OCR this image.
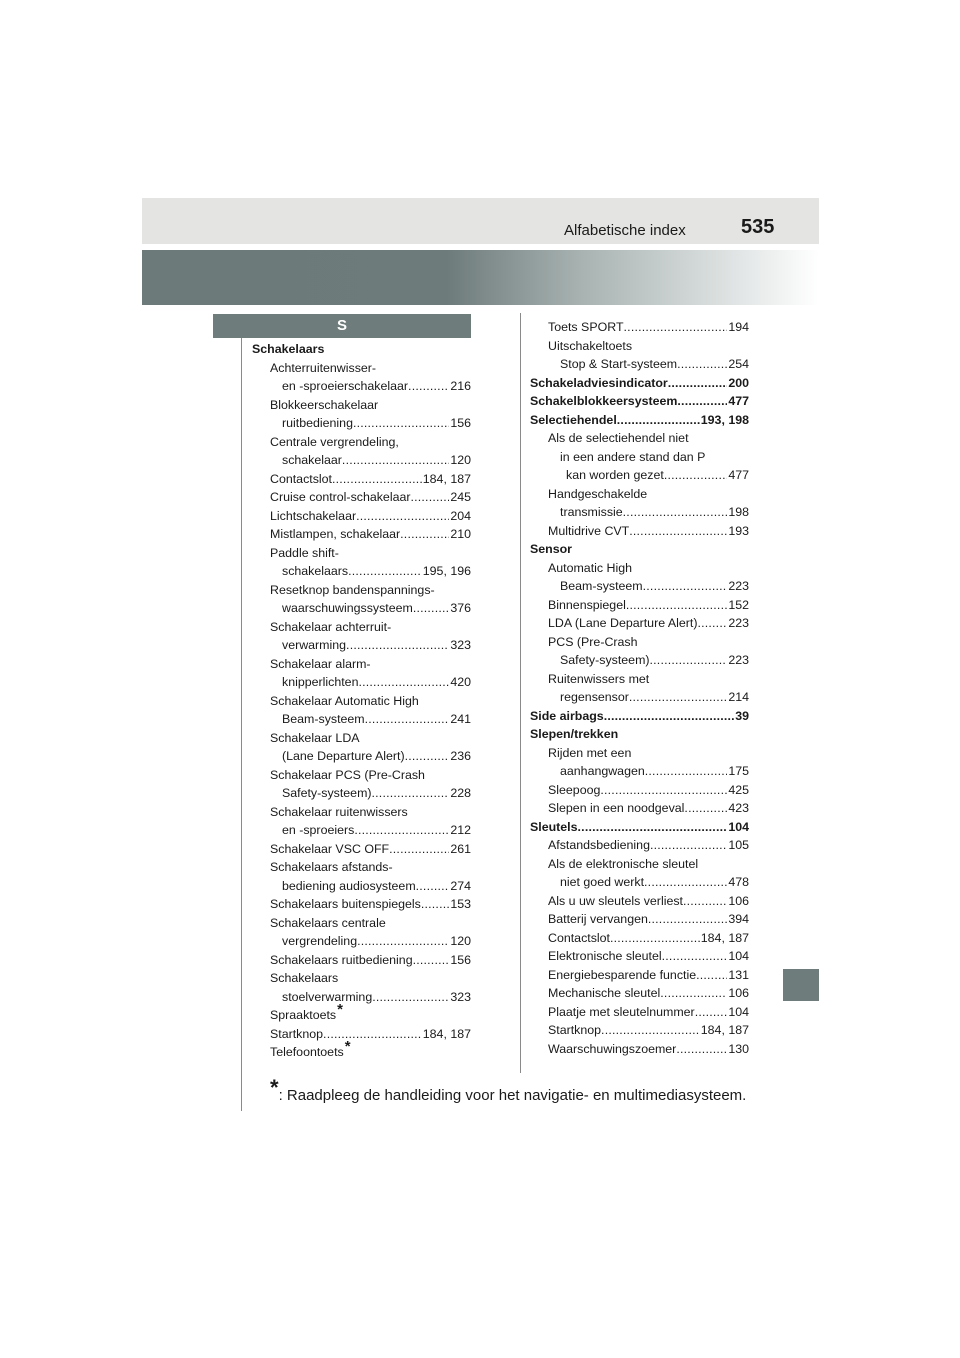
Alfabetische index	535
S
Schakelaars
Achterruitenwisser-
en -sproeierschakelaar .....	216
Blokkeerschakelaar
ruitbediening .....	156
Centrale vergrendeling,
schakelaar .....	120
Contactslot .....	184, 187
Cruise control-schakelaar .....	245
Lichtschakelaar .....	204
Mistlampen, schakelaar .....	210
Paddle shift-
schakelaars .....	195, 196
Resetknop bandenspannings-
waarschuwingssysteem .....	376
Schakelaar achterruit-
verwarming .....	323
Schakelaar alarm-
knipperlichten .....	420
Schakelaar Automatic High
Beam-systeem .....	241
Schakelaar LDA
(Lane Departure Alert) .....	236
Schakelaar PCS (Pre-Crash
Safety-systeem) .....	228
Schakelaar ruitenwissers
en -sproeiers .....	212
Schakelaar VSC OFF .....	261
Schakelaars afstands-
bediening audiosysteem .....	274
Schakelaars buitenspiegels ..... 153
Schakelaars centrale
vergrendeling .....	120
Schakelaars ruitbediening .....	156
Schakelaars
stoelverwarming .....	323
Spraaktoets *
Startknop .....	184, 187
Telefoontoets *
Toets SPORT .....	194
Uitschakeltoets
Stop & Start-systeem .....	254
Schakeladviesindicator .....	200
Schakelblokkeersysteem .....	477
Selectiehendel .....	193, 198
Als de selectiehendel niet
in een andere stand dan P
kan worden gezet .....	477
Handgeschakelde
transmissie .....	198
Multidrive CVT .....	193
Sensor
Automatic High
Beam-systeem .....	223
Binnenspiegel .....	152
LDA (Lane Departure Alert) ..... 223
PCS (Pre-Crash
Safety-systeem) .....	223
Ruitenwissers met
regensensor .....	214
Side airbags .....	39
Slepen/trekken
Rijden met een
aanhangwagen .....	175
Sleepoog .....	425
Slepen in een noodgeval .....	423
Sleutels .....	104
Afstandsbediening .....	105
Als de elektronische sleutel
niet goed werkt .....	478
Als u uw sleutels verliest .....	106
Batterij vervangen .....	394
Contactslot .....	184, 187
Elektronische sleutel .....	104
Energiebesparende functie .....	131
Mechanische sleutel .....	106
Plaatje met sleutelnummer .....	104
Startknop .....	184, 187
Waarschuwingszoemer .....	130
*: Raadpleeg de handleiding voor het navigatie- en multimediasysteem.
